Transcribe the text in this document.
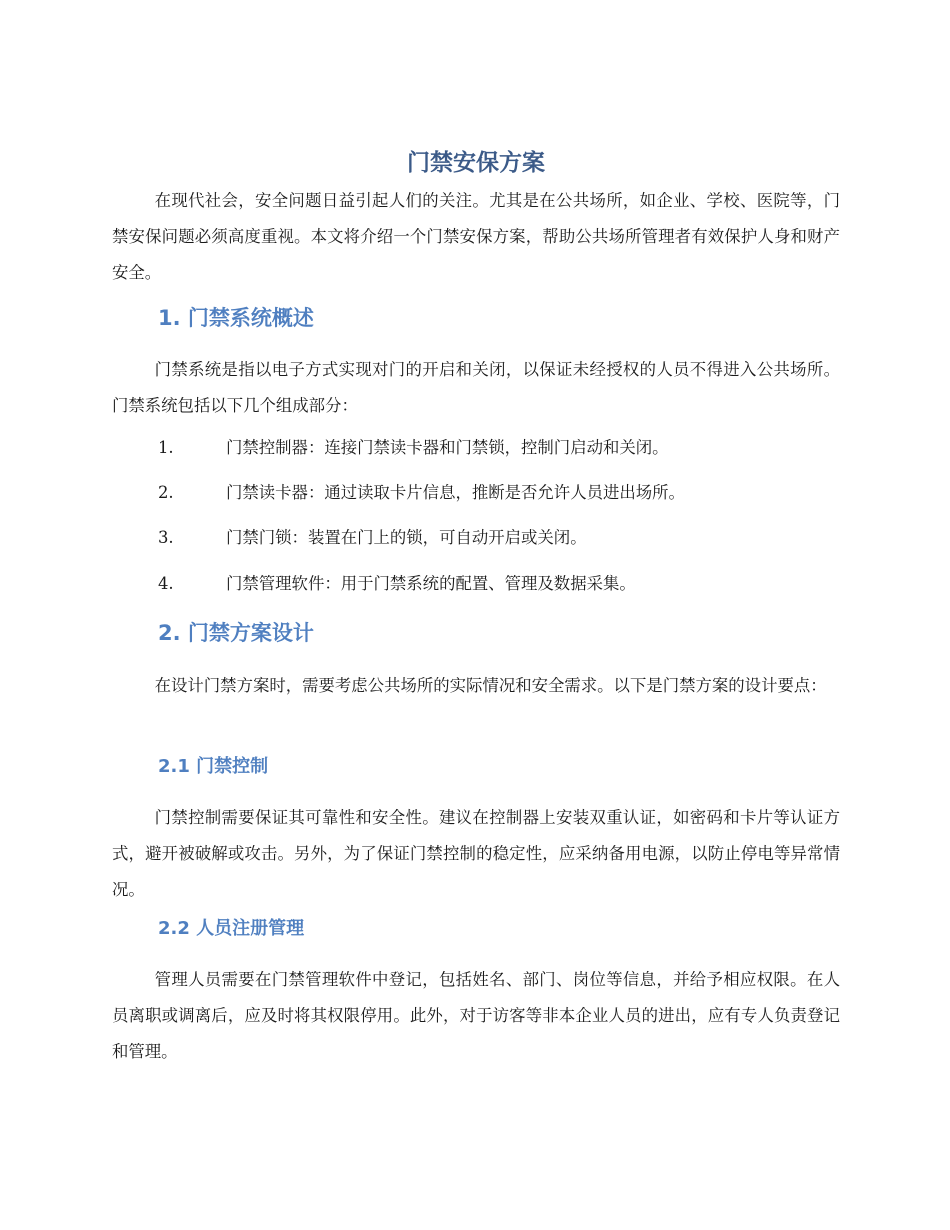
门禁安保方案

在现代社会，安全问题日益引起人们的关注。尤其是在公共场所，如企业、学校、医院等，门禁安保问题必须高度重视。本文将介绍一个门禁安保方案，帮助公共场所管理者有效保护人身和财产安全。

1. 门禁系统概述

门禁系统是指以电子方式实现对门的开启和关闭，以保证未经授权的人员不得进入公共场所。门禁系统包括以下几个组成部分：

1.	门禁控制器：连接门禁读卡器和门禁锁，控制门启动和关闭。
2.	门禁读卡器：通过读取卡片信息，推断是否允许人员进出场所。
3.	门禁门锁：装置在门上的锁，可自动开启或关闭。
4.	门禁管理软件：用于门禁系统的配置、管理及数据采集。
2. 门禁方案设计

在设计门禁方案时，需要考虑公共场所的实际情况和安全需求。以下是门禁方案的设计要点：

2.1 门禁控制

门禁控制需要保证其可靠性和安全性。建议在控制器上安装双重认证，如密码和卡片等认证方式，避开被破解或攻击。另外，为了保证门禁控制的稳定性，应采纳备用电源，以防止停电等异常情况。

2.2 人员注册管理

管理人员需要在门禁管理软件中登记，包括姓名、部门、岗位等信息，并给予相应权限。在人员离职或调离后，应及时将其权限停用。此外，对于访客等非本企业人员的进出，应有专人负责登记和管理。
